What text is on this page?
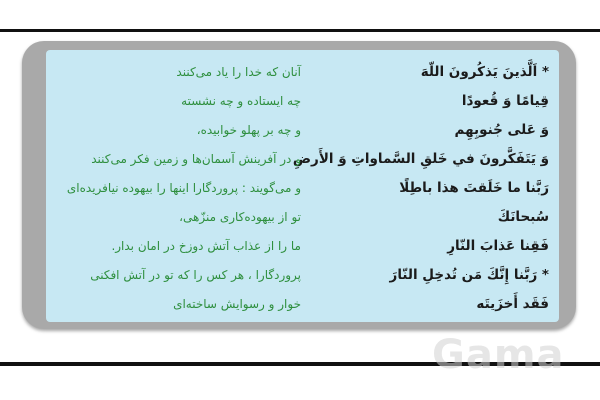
* اَلَّذينَ يَذكُرونَ اللّهَ
قِيامًا وَ قُعودًا
وَ عَلى جُنوبِهِم
وَ يَتَفَكَّرونَ في خَلقِ السَّماواتِ وَ الأَرضِ
رَبَّنا ما خَلَقتَ هذا باطِلًا
سُبحانَكَ
فَقِنا عَذابَ النّارِ
* رَبَّنا إِنَّكَ مَن تُدخِلِ النّارَ
فَقَد أَخزَيتَه
آنان که خدا را یاد می‌کنند
چه ایستاده و چه نشسته
و چه بر پهلو خوابیده،
و در آفرینش آسمان‌ها و زمین فکر می‌کنند
و می‌گویند : پروردگارا اینها را بیهوده نیافریده‌ای
تو از بیهوده‌کاری منزّهی،
ما را از عذاب آتش دوزخ در امان بدار.
پروردگارا ، هر کس را که تو در آتش افکنی
خوار و رسوایش ساخته‌ای
Gama
